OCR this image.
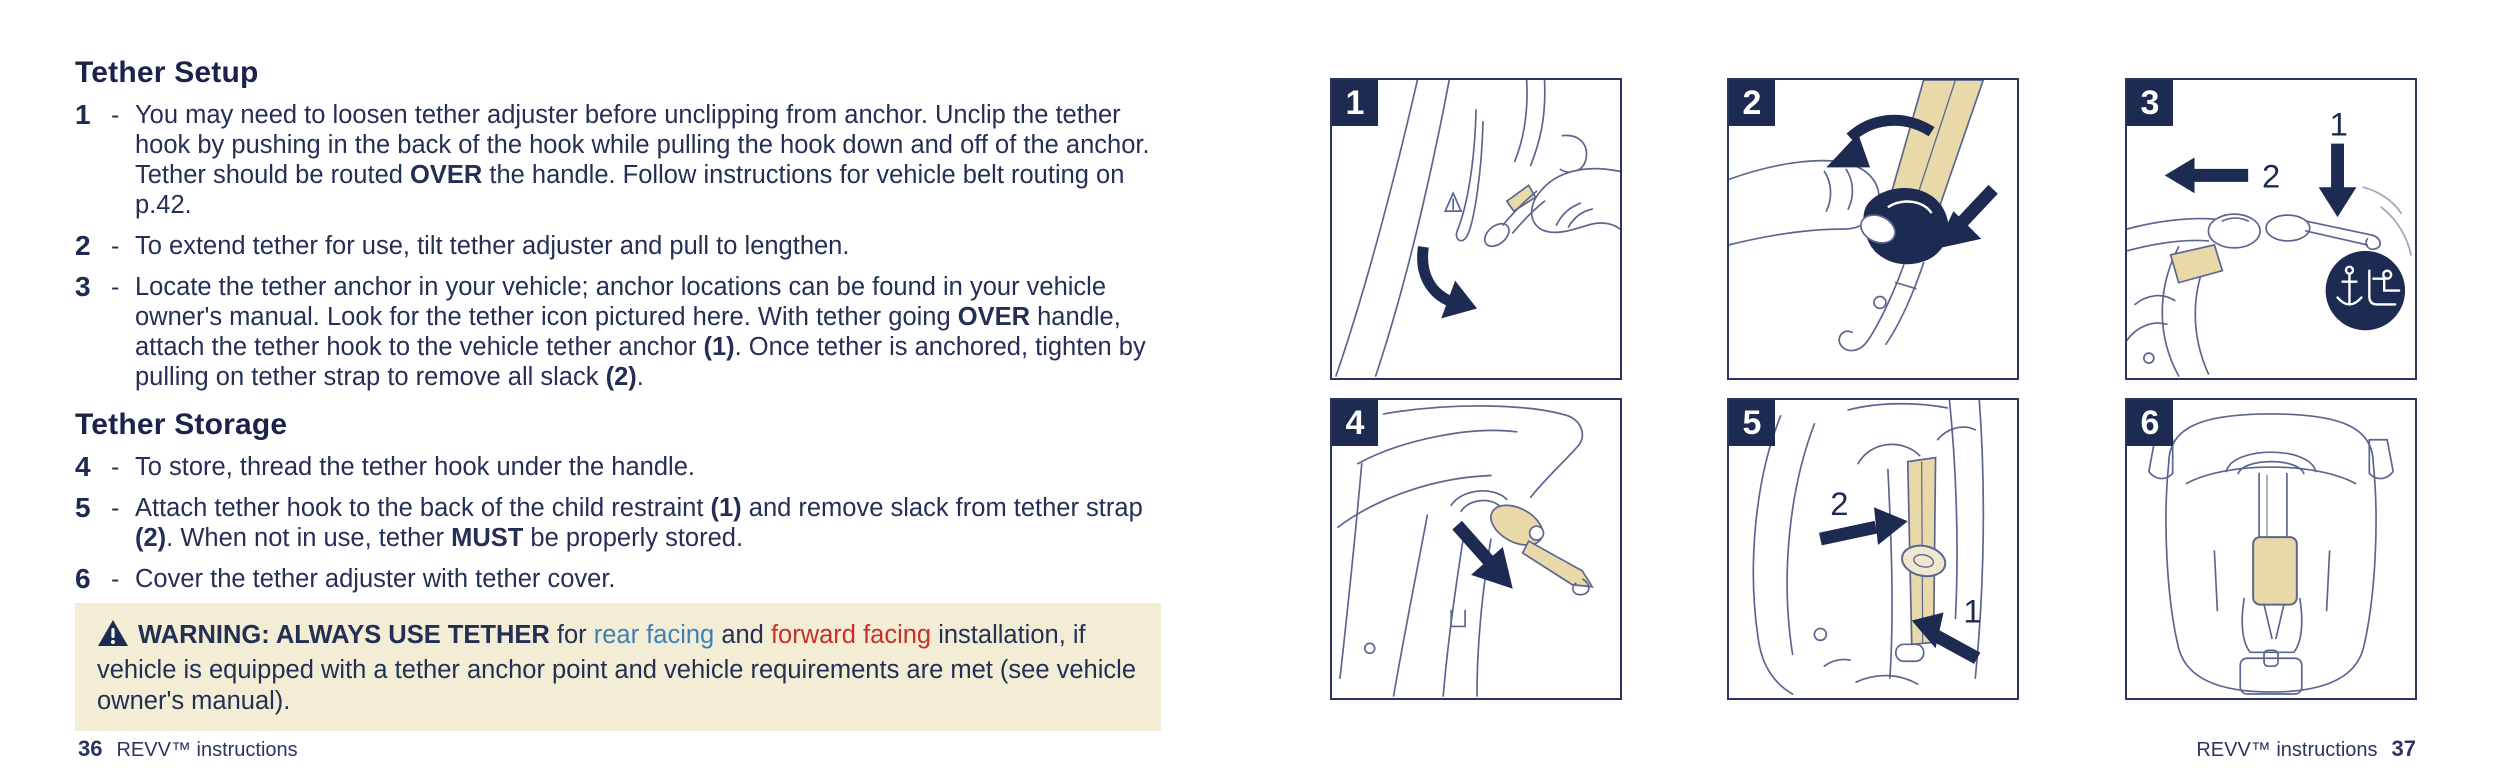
Tether Setup
1 - You may need to loosen tether adjuster before unclipping from anchor. Unclip the tether hook by pushing in the back of the hook while pulling the hook down and off of the anchor. Tether should be routed OVER the handle. Follow instructions for vehicle belt routing on p.42.
2 - To extend tether for use, tilt tether adjuster and pull to lengthen.
3 - Locate the tether anchor in your vehicle; anchor locations can be found in your vehicle owner's manual. Look for the tether icon pictured here. With tether going OVER handle, attach the tether hook to the vehicle tether anchor (1). Once tether is anchored, tighten by pulling on tether strap to remove all slack (2).
Tether Storage
4 - To store, thread the tether hook under the handle.
5 - Attach tether hook to the back of the child restraint (1) and remove slack from tether strap (2). When not in use, tether MUST be properly stored.
6 - Cover the tether adjuster with tether cover.
WARNING: ALWAYS USE TETHER for rear facing and forward facing installation, if vehicle is equipped with a tether anchor point and vehicle requirements are met (see vehicle owner's manual).
36 REVV™ instructions
1	2	3
1
2
4	5
2
1
6
REVV™ instructions 37
